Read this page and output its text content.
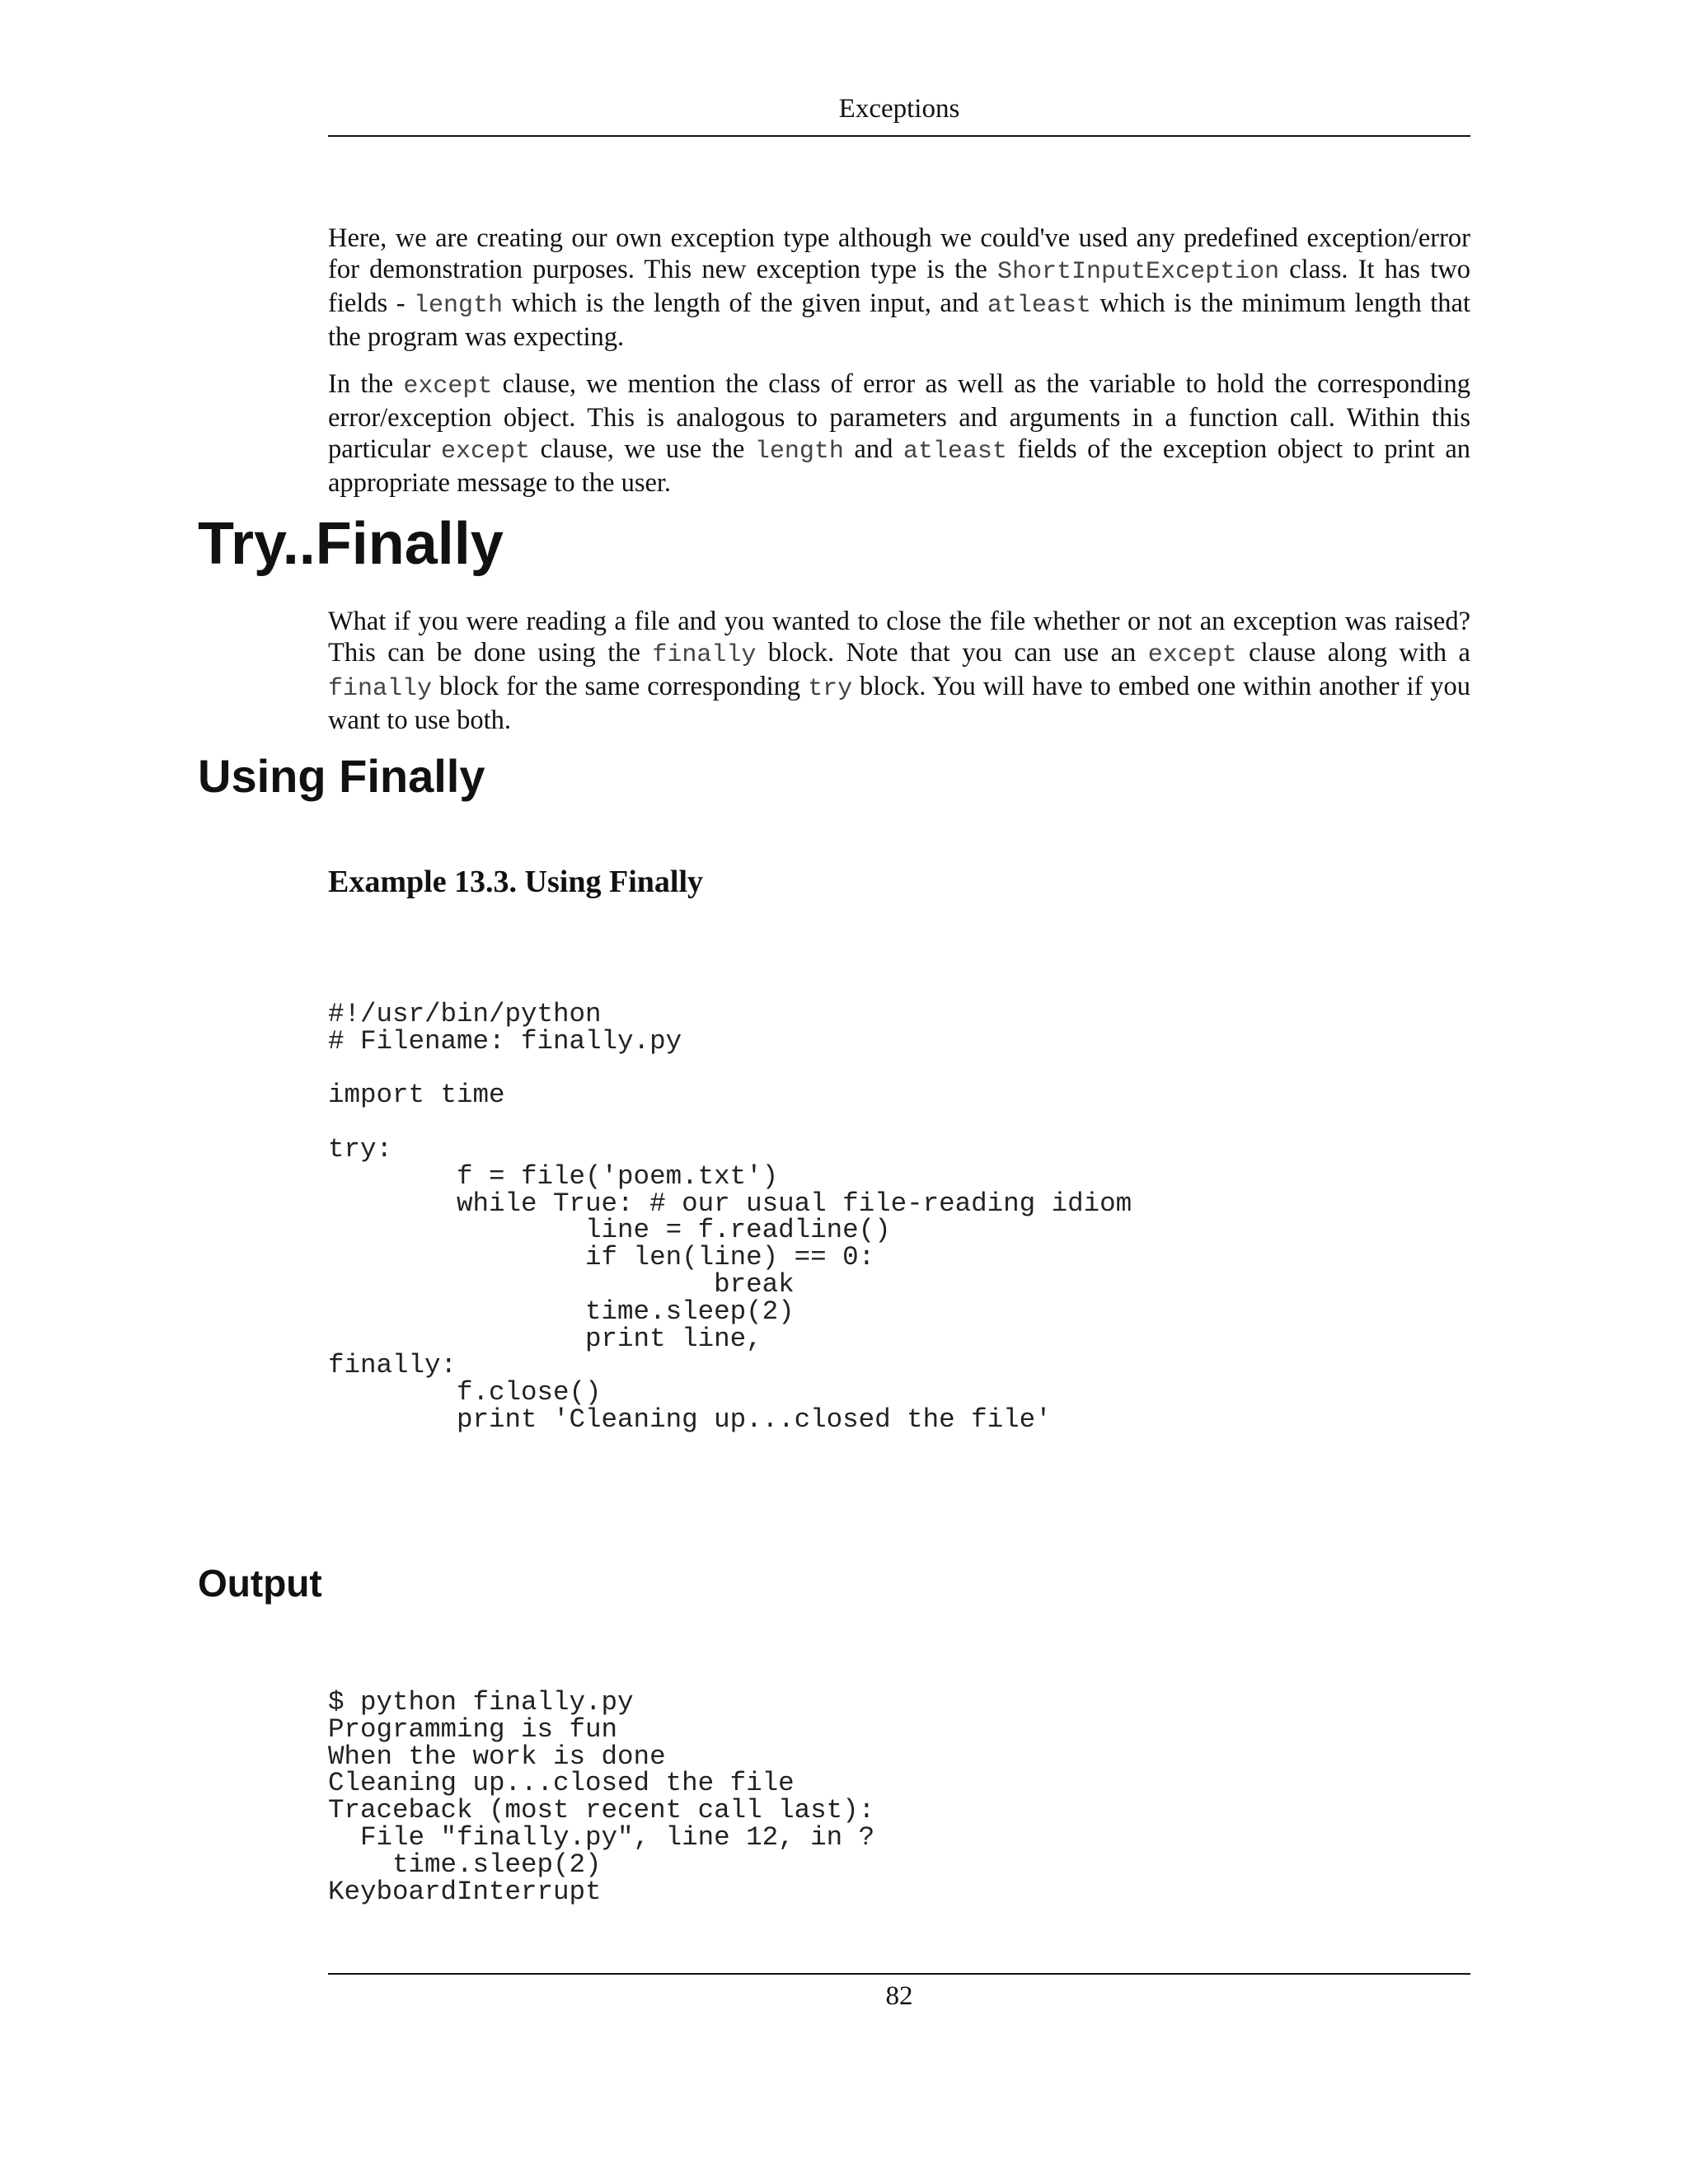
Exceptions

Here, we are creating our own exception type although we could've used any predefined exception/error for demonstration purposes. This new exception type is the ShortInputException class. It has two fields - length which is the length of the given input, and atleast which is the minimum length that the program was expecting.

In the except clause, we mention the class of error as well as the variable to hold the corresponding error/exception object. This is analogous to parameters and arguments in a function call. Within this particular except clause, we use the length and atleast fields of the exception object to print an appropriate message to the user.

Try..Finally

What if you were reading a file and you wanted to close the file whether or not an exception was raised? This can be done using the finally block. Note that you can use an except clause along with a finally block for the same corresponding try block. You will have to embed one within another if you want to use both.

Using Finally
Example 13.3. Using Finally
#!/usr/bin/python
# Filename: finally.py

import time

try:
f = file('poem.txt')
while True: # our usual file-reading idiom
line = f.readline()
if len(line) == 0:
break
time.sleep(2)
print line,
finally:
f.close()
print 'Cleaning up...closed the file'
Output
$ python finally.py
Programming is fun
When the work is done
Cleaning up...closed the file
Traceback (most recent call last):
File "finally.py", line 12, in ?
time.sleep(2)
KeyboardInterrupt
82
